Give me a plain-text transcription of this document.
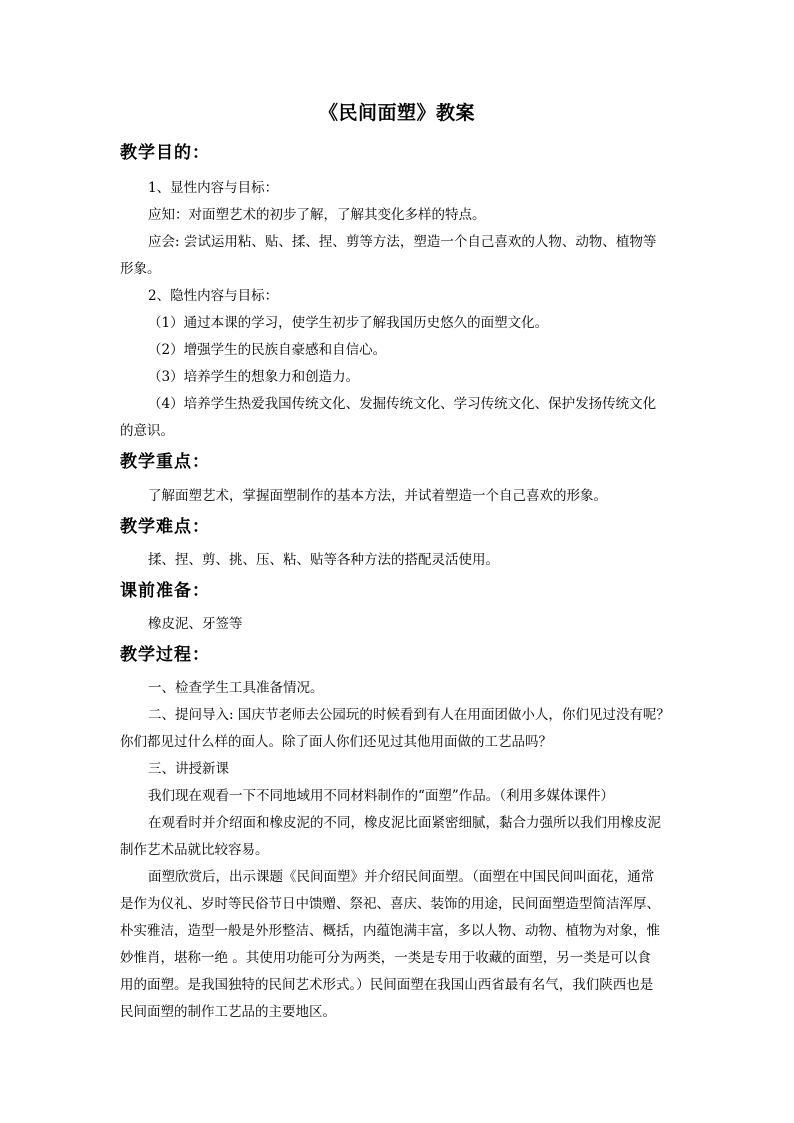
《民间面塑》教案
教学目的：
1、显性内容与目标：
应知：对面塑艺术的初步了解，了解其变化多样的特点。
应会: 尝试运用粘、贴、揉、捏、剪等方法，塑造一个自己喜欢的人物、动物、植物等
形象。
2、隐性内容与目标：
（1）通过本课的学习，使学生初步了解我国历史悠久的面塑文化。
（2）增强学生的民族自豪感和自信心。
（3）培养学生的想象力和创造力。
（4）培养学生热爱我国传统文化、发掘传统文化、学习传统文化、保护发扬传统文化
的意识。
教学重点：
了解面塑艺术，掌握面塑制作的基本方法，并试着塑造一个自己喜欢的形象。
教学难点：
揉、捏、剪、挑、压、粘、贴等各种方法的搭配灵活使用。
课前准备：
橡皮泥、牙签等
教学过程：
一、检查学生工具准备情况。
二、提问导入: 国庆节老师去公园玩的时候看到有人在用面团做小人，你们见过没有呢？
你们都见过什么样的面人。除了面人你们还见过其他用面做的工艺品吗？
三、讲授新课
我们现在观看一下不同地域用不同材料制作的“面塑”作品。（利用多媒体课件）
在观看时并介绍面和橡皮泥的不同，橡皮泥比面紧密细腻，黏合力强所以我们用橡皮泥
制作艺术品就比较容易。
面塑欣赏后，出示课题《民间面塑》并介绍民间面塑。（面塑在中国民间叫面花，通常
是作为仪礼、岁时等民俗节日中馈赠、祭祀、喜庆、装饰的用途，民间面塑造型简洁浑厚、
朴实雅洁，造型一般是外形整洁、概括，内蕴饱满丰富，多以人物、动物、植物为对象，惟
妙惟肖，堪称一绝 。其使用功能可分为两类，一类是专用于收藏的面塑，另一类是可以食
用的面塑。是我国独特的民间艺术形式。）民间面塑在我国山西省最有名气，我们陕西也是
民间面塑的制作工艺品的主要地区。
